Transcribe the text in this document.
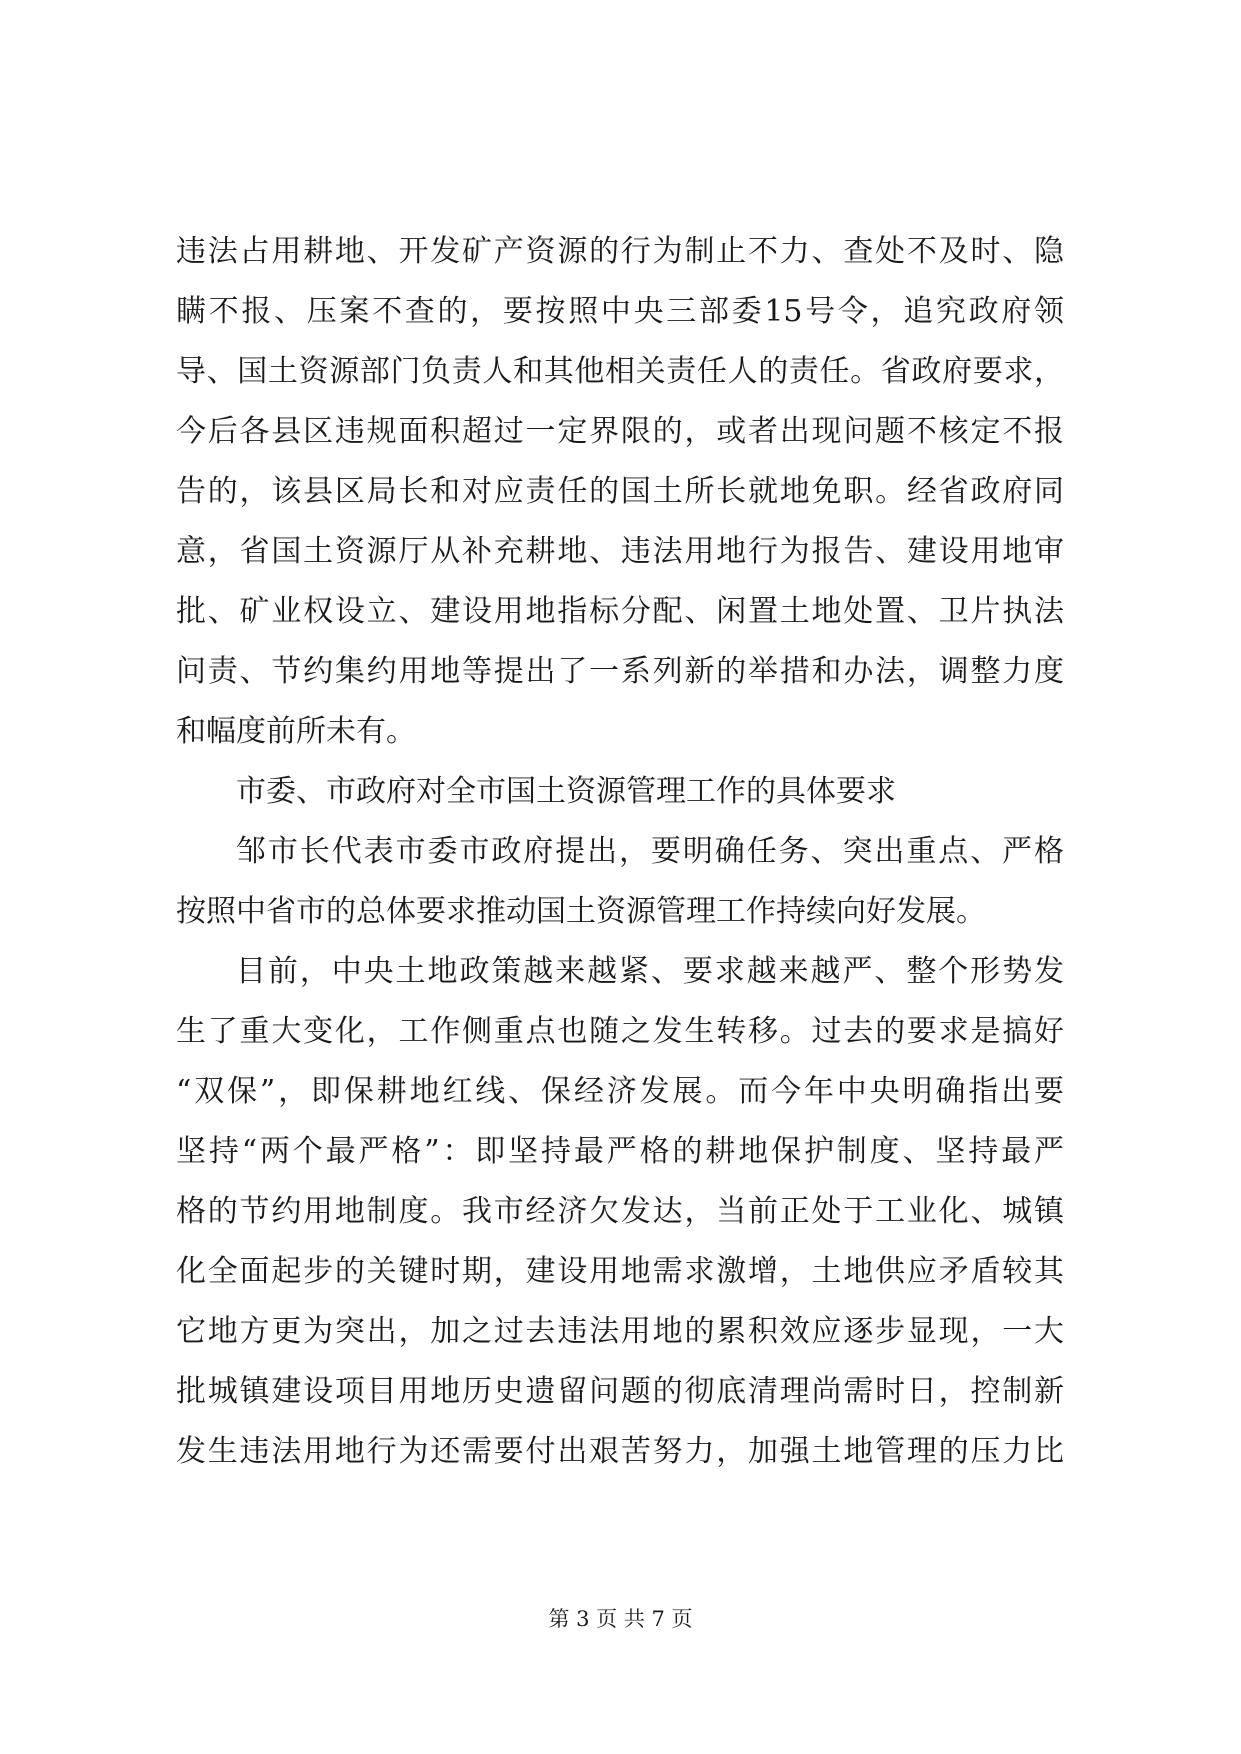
违法占用耕地、开发矿产资源的行为制止不力、查处不及时、隐
瞒不报、压案不查的，要按照中央三部委15号令，追究政府领
导、国土资源部门负责人和其他相关责任人的责任。省政府要求，
今后各县区违规面积超过一定界限的，或者出现问题不核定不报
告的，该县区局长和对应责任的国土所长就地免职。经省政府同
意，省国土资源厅从补充耕地、违法用地行为报告、建设用地审
批、矿业权设立、建设用地指标分配、闲置土地处置、卫片执法
问责、节约集约用地等提出了一系列新的举措和办法，调整力度
和幅度前所未有。
市委、市政府对全市国土资源管理工作的具体要求
邹市长代表市委市政府提出，要明确任务、突出重点、严格
按照中省市的总体要求推动国土资源管理工作持续向好发展。
目前，中央土地政策越来越紧、要求越来越严、整个形势发
生了重大变化，工作侧重点也随之发生转移。过去的要求是搞好
“双保”，即保耕地红线、保经济发展。而今年中央明确指出要
坚持“两个最严格”：即坚持最严格的耕地保护制度、坚持最严
格的节约用地制度。我市经济欠发达，当前正处于工业化、城镇
化全面起步的关键时期，建设用地需求激增，土地供应矛盾较其
它地方更为突出，加之过去违法用地的累积效应逐步显现，一大
批城镇建设项目用地历史遗留问题的彻底清理尚需时日，控制新
发生违法用地行为还需要付出艰苦努力，加强土地管理的压力比
第 3 页 共 7 页
